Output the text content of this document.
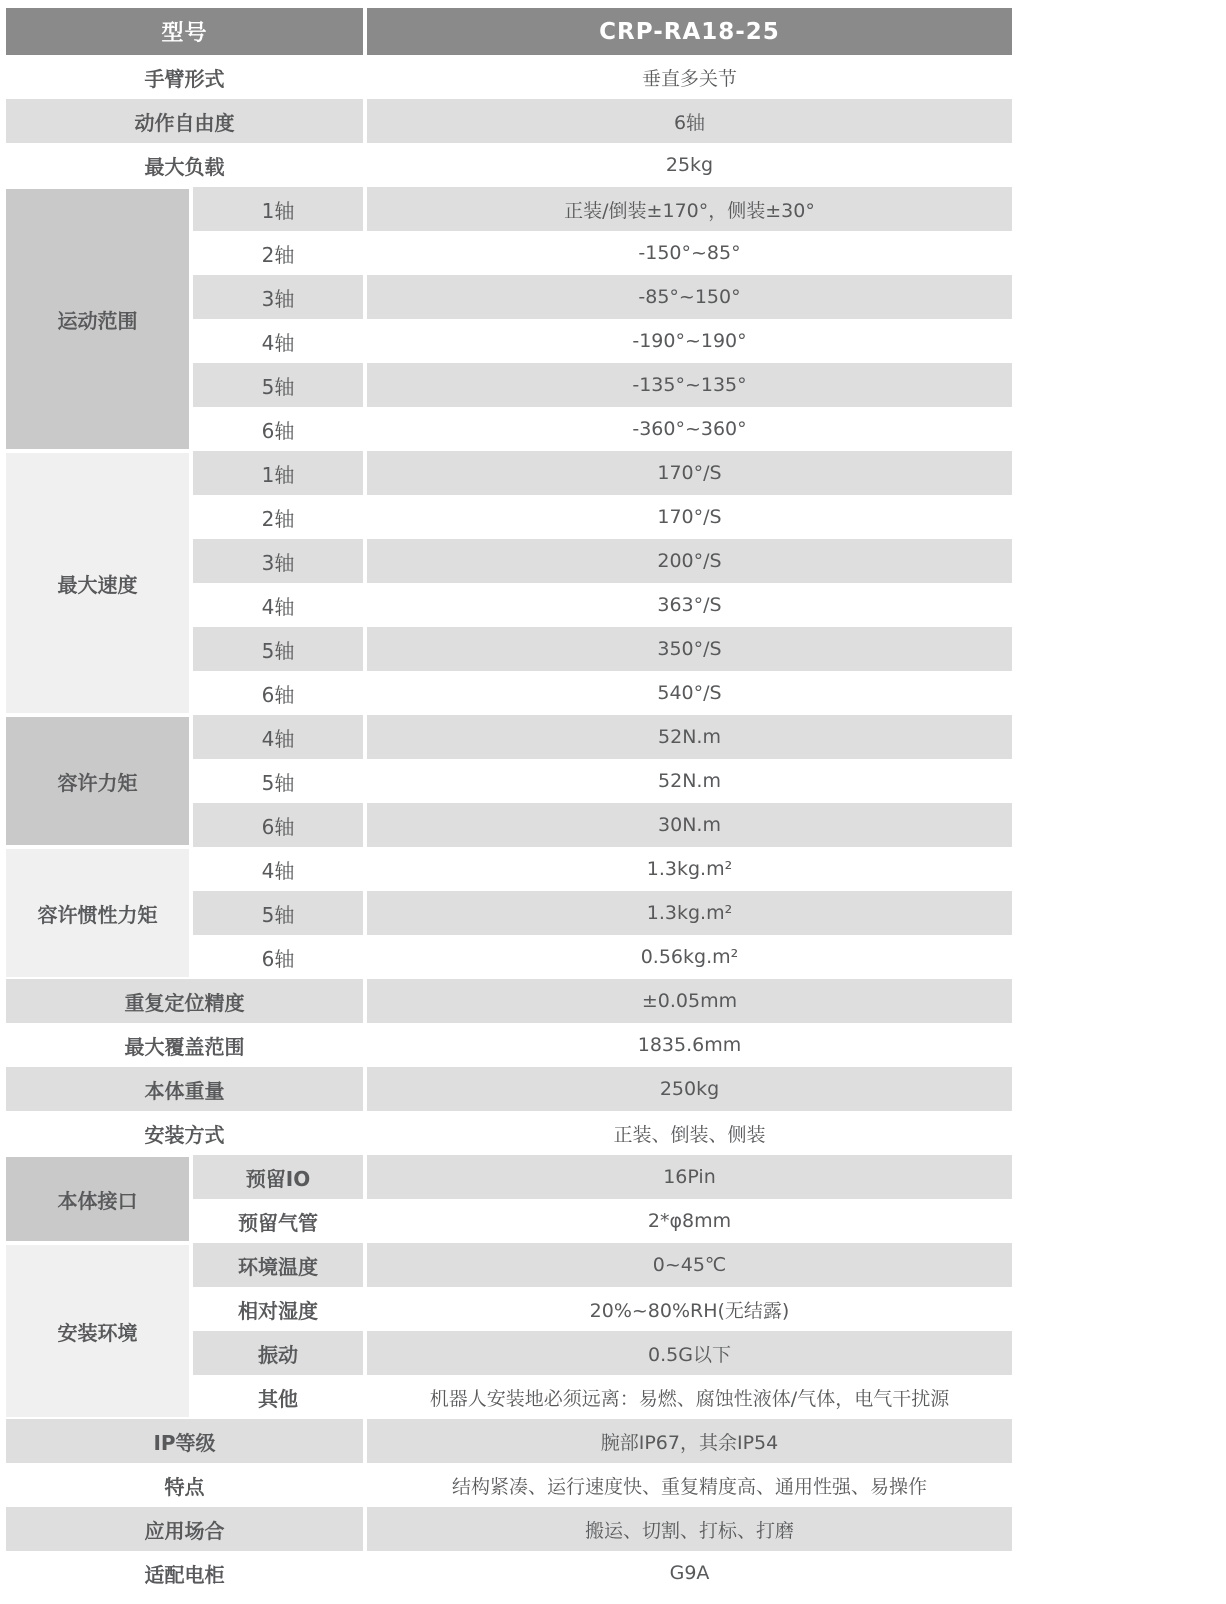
型号	CRP-RA18-25
手臂形式	垂直多关节
动作自由度	6轴
最大负载	25kg
运动范围
1轴	正装/倒装±170°，侧装±30°
2轴	-150°~85°
3轴	-85°~150°
4轴	-190°~190°
5轴	-135°~135°
6轴	-360°~360°
最大速度
1轴	170°/S
2轴	170°/S
3轴	200°/S
4轴	363°/S
5轴	350°/S
6轴	540°/S
容许力矩
4轴	52N.m
5轴	52N.m
6轴	30N.m
容许惯性力矩
4轴	1.3kg.m²
5轴	1.3kg.m²
6轴	0.56kg.m²
重复定位精度	±0.05mm
最大覆盖范围	1835.6mm
本体重量	250kg
安装方式	正装、倒装、侧装
本体接口
预留IO	16Pin
预留气管	2*φ8mm
安装环境
环境温度	0~45℃
相对湿度	20%~80%RH(无结露)
振动	0.5G以下
其他	机器人安装地必须远离：易燃、腐蚀性液体/气体，电气干扰源
IP等级	腕部IP67，其余IP54
特点	结构紧凑、运行速度快、重复精度高、通用性强、易操作
应用场合	搬运、切割、打标、打磨
适配电柜	G9A
